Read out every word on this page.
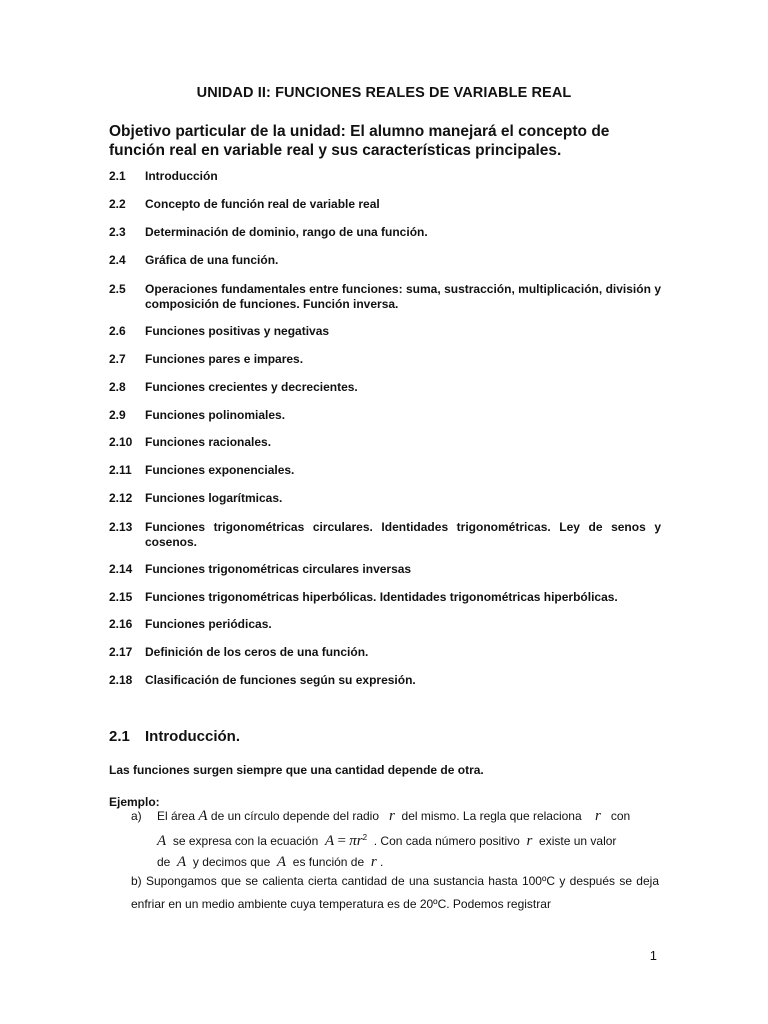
UNIDAD II: FUNCIONES REALES DE VARIABLE REAL
Objetivo particular de la unidad: El alumno manejará el concepto de función real en variable real y sus características principales.
2.1	Introducción
2.2	Concepto de función real de variable real
2.3	Determinación de dominio, rango de una función.
2.4	Gráfica de una función.
2.5	Operaciones fundamentales entre funciones: suma, sustracción, multiplicación, división y composición de funciones. Función inversa.
2.6	Funciones positivas y negativas
2.7	Funciones pares e impares.
2.8	Funciones crecientes y decrecientes.
2.9	Funciones polinomiales.
2.10	Funciones racionales.
2.11	Funciones exponenciales.
2.12	Funciones logarítmicas.
2.13	Funciones trigonométricas circulares. Identidades trigonométricas. Ley de senos y cosenos.
2.14	Funciones trigonométricas circulares inversas
2.15	Funciones trigonométricas hiperbólicas. Identidades trigonométricas hiperbólicas.
2.16	Funciones periódicas.
2.17	Definición de los ceros de una función.
2.18	Clasificación de funciones según su expresión.
2.1 Introducción.
Las funciones surgen siempre que una cantidad depende de otra.
Ejemplo:
a) El área A de un círculo depende del radio r del mismo. La regla que relaciona r con
A se expresa con la ecuación $A = \pi r^2$ . Con cada número positivo r existe un valor
de A y decimos que A es función de r .
b) Supongamos que se calienta cierta cantidad de una sustancia hasta 100ºC y después se deja enfriar en un medio ambiente cuya temperatura es de 20ºC. Podemos registrar
1
